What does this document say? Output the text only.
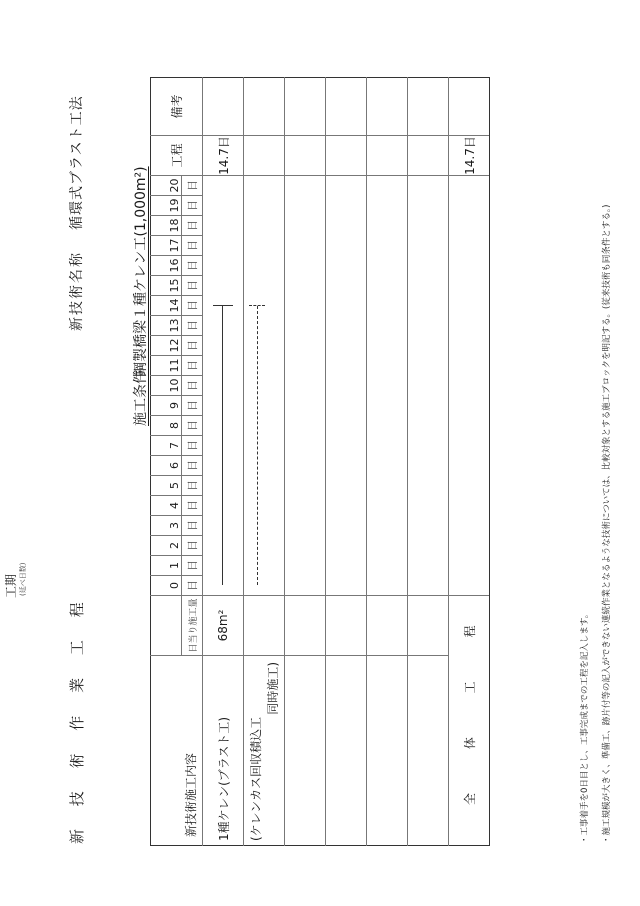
新 技 術 作 業 工 程
新技術名称
循環式ブラスト工法
施工条件
鋼製橋梁１種ケレン工(1,000m²)
新技術施工内容		0	1	2	3	4	5	6	7	8	9	10	11	12	13	14	15	16	17	18	19	20	工程	備考
	日当り施工量	日	日	日	日	日	日	日	日	日	日	日	日	日	日	日	日	日	日	日	日	日		
1種ケレン(ブラスト工)	68m²																						14.7日	
(ケレンカス回収積込工
同時施工)																								

全 体 工 程																							14.7日	
工期 (延べ日数)
・工事着手を0日目とし、工事完成までの工程を記入します。 ・施工規模が大きく、準備工、跡片付等の記入ができない連続作業となるような技術については、比較対象とする施工ブロックを明記する。(従来技術も同条件とする。)
